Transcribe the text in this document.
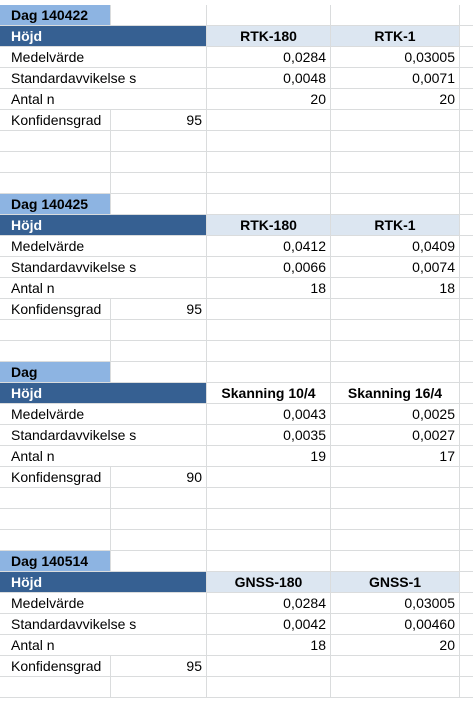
Dag 140422
Höjd	RTK-180	RTK-1
Medelvärde	0,0284	0,03005
Standardavvikelse s	0,0048	0,0071
Antal n	20	20
Konfidensgrad	95
Dag 140425
Höjd	RTK-180	RTK-1
Medelvärde	0,0412	0,0409
Standardavvikelse s	0,0066	0,0074
Antal n	18	18
Konfidensgrad	95
Dag
Höjd	Skanning 10/4	Skanning 16/4
Medelvärde	0,0043	0,0025
Standardavvikelse s	0,0035	0,0027
Antal n	19	17
Konfidensgrad	90
Dag 140514
Höjd	GNSS-180	GNSS-1
Medelvärde	0,0284	0,03005
Standardavvikelse s	0,0042	0,00460
Antal n	18	20
Konfidensgrad	95
